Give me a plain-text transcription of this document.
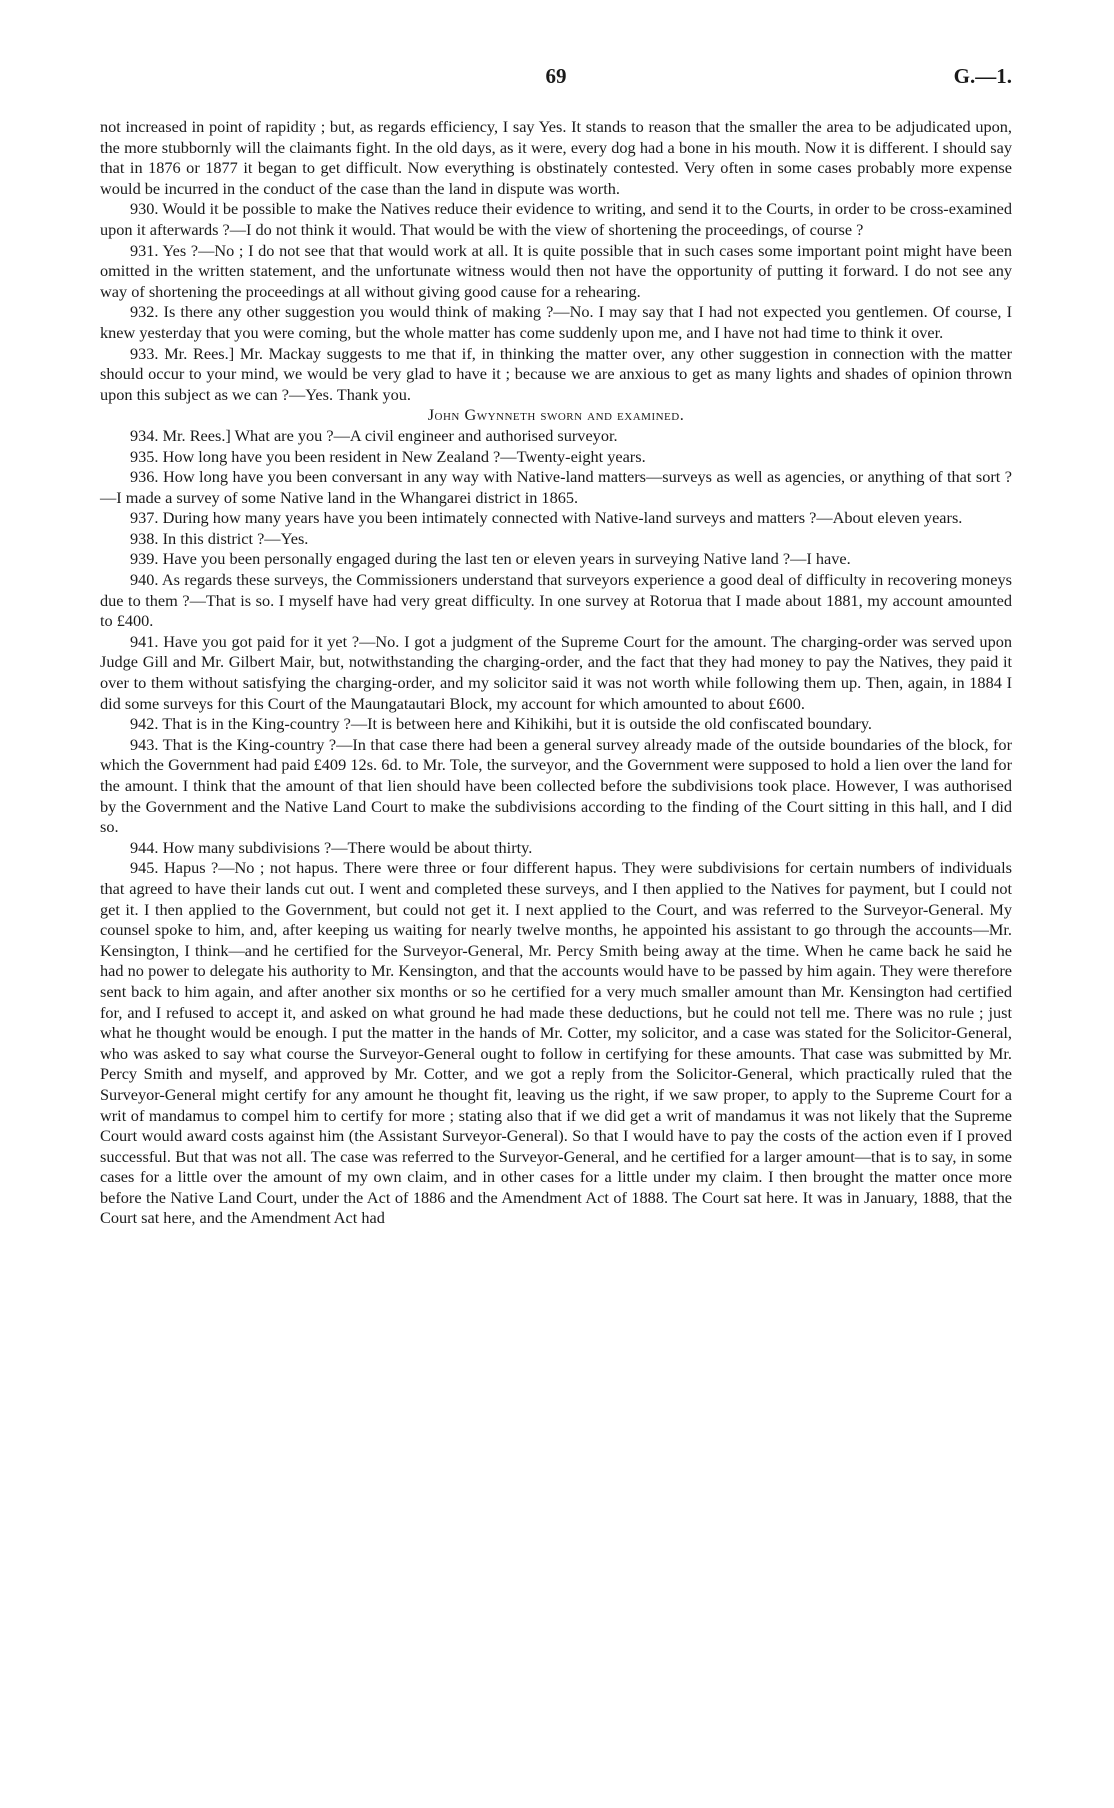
69	G.—1.

not increased in point of rapidity ; but, as regards efficiency, I say Yes. It stands to reason that the smaller the area to be adjudicated upon, the more stubbornly will the claimants fight. In the old days, as it were, every dog had a bone in his mouth. Now it is different. I should say that in 1876 or 1877 it began to get difficult. Now everything is obstinately contested. Very often in some cases probably more expense would be incurred in the conduct of the case than the land in dispute was worth.

930. Would it be possible to make the Natives reduce their evidence to writing, and send it to the Courts, in order to be cross-examined upon it afterwards ?—I do not think it would. That would be with the view of shortening the proceedings, of course ?

931. Yes ?—No ; I do not see that that would work at all. It is quite possible that in such cases some important point might have been omitted in the written statement, and the unfortunate witness would then not have the opportunity of putting it forward. I do not see any way of shortening the proceedings at all without giving good cause for a rehearing.

932. Is there any other suggestion you would think of making ?—No. I may say that I had not expected you gentlemen. Of course, I knew yesterday that you were coming, but the whole matter has come suddenly upon me, and I have not had time to think it over.

933. Mr. Rees.] Mr. Mackay suggests to me that if, in thinking the matter over, any other suggestion in connection with the matter should occur to your mind, we would be very glad to have it ; because we are anxious to get as many lights and shades of opinion thrown upon this subject as we can ?—Yes. Thank you.

John Gwynneth sworn and examined.

934. Mr. Rees.] What are you ?—A civil engineer and authorised surveyor.

935. How long have you been resident in New Zealand ?—Twenty-eight years.

936. How long have you been conversant in any way with Native-land matters—surveys as well as agencies, or anything of that sort ?—I made a survey of some Native land in the Whangarei district in 1865.

937. During how many years have you been intimately connected with Native-land surveys and matters ?—About eleven years.

938. In this district ?—Yes.

939. Have you been personally engaged during the last ten or eleven years in surveying Native land ?—I have.

940. As regards these surveys, the Commissioners understand that surveyors experience a good deal of difficulty in recovering moneys due to them ?—That is so. I myself have had very great difficulty. In one survey at Rotorua that I made about 1881, my account amounted to £400.

941. Have you got paid for it yet ?—No. I got a judgment of the Supreme Court for the amount. The charging-order was served upon Judge Gill and Mr. Gilbert Mair, but, notwithstanding the charging-order, and the fact that they had money to pay the Natives, they paid it over to them without satisfying the charging-order, and my solicitor said it was not worth while following them up. Then, again, in 1884 I did some surveys for this Court of the Maungatautari Block, my account for which amounted to about £600.

942. That is in the King-country ?—It is between here and Kihikihi, but it is outside the old confiscated boundary.

943. That is the King-country ?—In that case there had been a general survey already made of the outside boundaries of the block, for which the Government had paid £409 12s. 6d. to Mr. Tole, the surveyor, and the Government were supposed to hold a lien over the land for the amount. I think that the amount of that lien should have been collected before the subdivisions took place. However, I was authorised by the Government and the Native Land Court to make the subdivisions according to the finding of the Court sitting in this hall, and I did so.

944. How many subdivisions ?—There would be about thirty.

945. Hapus ?—No ; not hapus. There were three or four different hapus. They were subdivisions for certain numbers of individuals that agreed to have their lands cut out. I went and completed these surveys, and I then applied to the Natives for payment, but I could not get it. I then applied to the Government, but could not get it. I next applied to the Court, and was referred to the Surveyor-General. My counsel spoke to him, and, after keeping us waiting for nearly twelve months, he appointed his assistant to go through the accounts—Mr. Kensington, I think—and he certified for the Surveyor-General, Mr. Percy Smith being away at the time. When he came back he said he had no power to delegate his authority to Mr. Kensington, and that the accounts would have to be passed by him again. They were therefore sent back to him again, and after another six months or so he certified for a very much smaller amount than Mr. Kensington had certified for, and I refused to accept it, and asked on what ground he had made these deductions, but he could not tell me. There was no rule ; just what he thought would be enough. I put the matter in the hands of Mr. Cotter, my solicitor, and a case was stated for the Solicitor-General, who was asked to say what course the Surveyor-General ought to follow in certifying for these amounts. That case was submitted by Mr. Percy Smith and myself, and approved by Mr. Cotter, and we got a reply from the Solicitor-General, which practically ruled that the Surveyor-General might certify for any amount he thought fit, leaving us the right, if we saw proper, to apply to the Supreme Court for a writ of mandamus to compel him to certify for more ; stating also that if we did get a writ of mandamus it was not likely that the Supreme Court would award costs against him (the Assistant Surveyor-General). So that I would have to pay the costs of the action even if I proved successful. But that was not all. The case was referred to the Surveyor-General, and he certified for a larger amount—that is to say, in some cases for a little over the amount of my own claim, and in other cases for a little under my claim. I then brought the matter once more before the Native Land Court, under the Act of 1886 and the Amendment Act of 1888. The Court sat here. It was in January, 1888, that the Court sat here, and the Amendment Act had
